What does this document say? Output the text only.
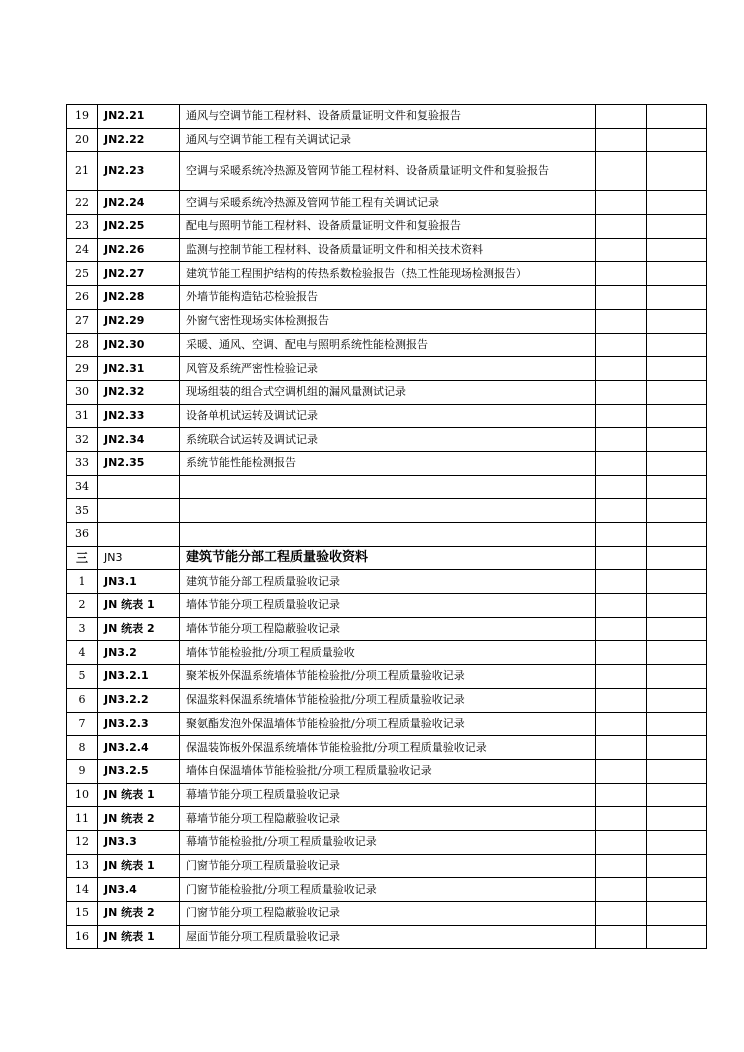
19	JN2.21	通风与空调节能工程材料、设备质量证明文件和复验报告		
20	JN2.22	通风与空调节能工程有关调试记录		
21	JN2.23	空调与采暖系统冷热源及管网节能工程材料、设备质量证明文件和复验报告		
22	JN2.24	空调与采暖系统冷热源及管网节能工程有关调试记录		
23	JN2.25	配电与照明节能工程材料、设备质量证明文件和复验报告		
24	JN2.26	监测与控制节能工程材料、设备质量证明文件和相关技术资料		
25	JN2.27	建筑节能工程围护结构的传热系数检验报告（热工性能现场检测报告）		
26	JN2.28	外墙节能构造钻芯检验报告		
27	JN2.29	外窗气密性现场实体检测报告		
28	JN2.30	采暖、通风、空调、配电与照明系统性能检测报告		
29	JN2.31	风管及系统严密性检验记录		
30	JN2.32	现场组装的组合式空调机组的漏风量测试记录		
31	JN2.33	设备单机试运转及调试记录		
32	JN2.34	系统联合试运转及调试记录		
33	JN2.35	系统节能性能检测报告		
34				
35				
36				
三	JN3	建筑节能分部工程质量验收资料		
1	JN3.1	建筑节能分部工程质量验收记录		
2	JN 统表 1	墙体节能分项工程质量验收记录		
3	JN 统表 2	墙体节能分项工程隐蔽验收记录		
4	JN3.2	墙体节能检验批/分项工程质量验收		
5	JN3.2.1	聚苯板外保温系统墙体节能检验批/分项工程质量验收记录		
6	JN3.2.2	保温浆料保温系统墙体节能检验批/分项工程质量验收记录		
7	JN3.2.3	聚氨酯发泡外保温墙体节能检验批/分项工程质量验收记录		
8	JN3.2.4	保温装饰板外保温系统墙体节能检验批/分项工程质量验收记录		
9	JN3.2.5	墙体自保温墙体节能检验批/分项工程质量验收记录		
10	JN 统表 1	幕墙节能分项工程质量验收记录		
11	JN 统表 2	幕墙节能分项工程隐蔽验收记录		
12	JN3.3	幕墙节能检验批/分项工程质量验收记录		
13	JN 统表 1	门窗节能分项工程质量验收记录		
14	JN3.4	门窗节能检验批/分项工程质量验收记录		
15	JN 统表 2	门窗节能分项工程隐蔽验收记录		
16	JN 统表 1	屋面节能分项工程质量验收记录		
